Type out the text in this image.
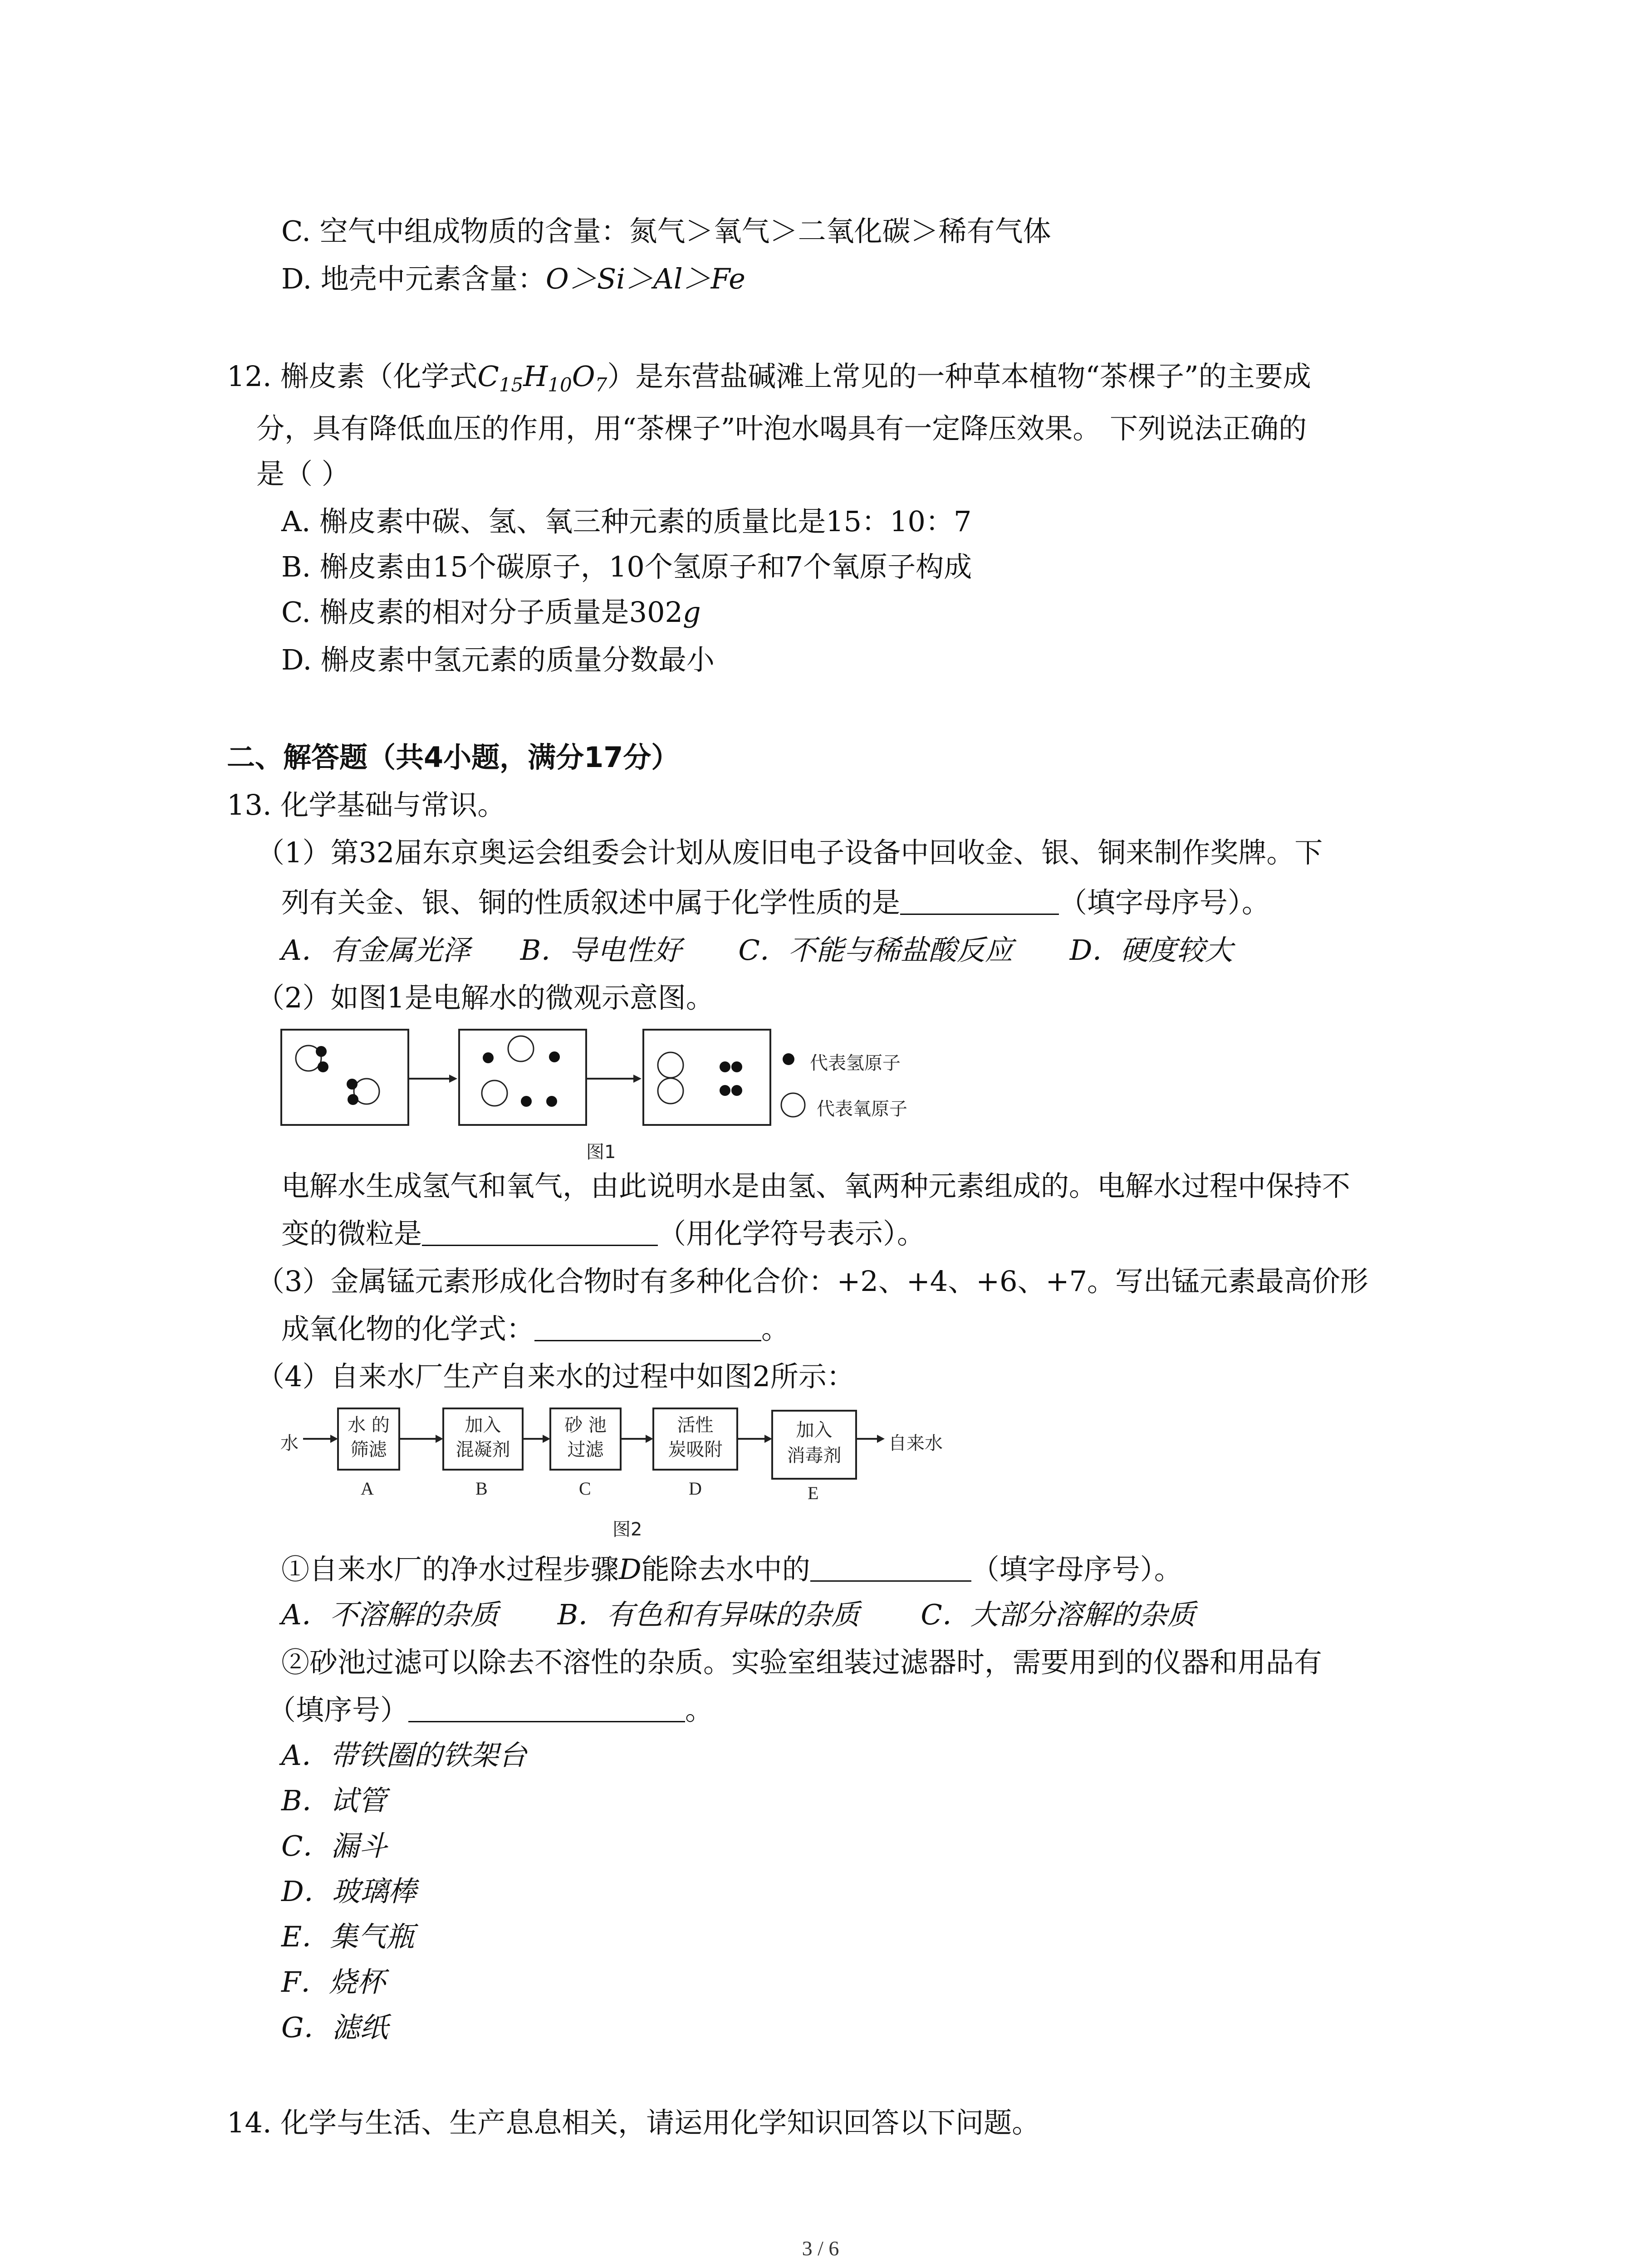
C. 空气中组成物质的含量：氮气＞氧气＞二氧化碳＞稀有气体
D. 地壳中元素含量：O＞Si＞Al＞Fe
12. 槲皮素（化学式$C_{15}H_{10}O_7$）是东营盐碱滩上常见的一种草本植物“茶棵子”的主要成
分，具有降低血压的作用，用“茶棵子”叶泡水喝具有一定降压效果。 下列说法正确的
是（ ）
A. 槲皮素中碳、氢、氧三种元素的质量比是15：10：7
B. 槲皮素由15个碳原子，10个氢原子和7个氧原子构成
C. 槲皮素的相对分子质量是302g
D. 槲皮素中氢元素的质量分数最小
二、解答题（共4小题，满分17分）
13. 化学基础与常识。
（1）第32届东京奥运会组委会计划从废旧电子设备中回收金、银、铜来制作奖牌。下
列有关金、银、铜的性质叙述中属于化学性质的是	（填字母序号）。
A．有金属光泽 B．导电性好 C．不能与稀盐酸反应 D．硬度较大
（2）如图1是电解水的微观示意图。
代表氢原子
代表氧原子
图1
电解水生成氢气和氧气，由此说明水是由氢、氧两种元素组成的。电解水过程中保持不
变的微粒是	（用化学符号表示）。
（3）金属锰元素形成化合物时有多种化合价：+2、+4、+6、+7。写出锰元素最高价形
成氧化物的化学式：	。
（4）自来水厂生产自来水的过程中如图2所示：
水	自来水
水 的
筛滤
加入
混凝剂
砂 池
过滤
活性
炭吸附
加入
消毒剂
A	B	C	D	E
图2
①自来水厂的净水过程步骤D能除去水中的	（填字母序号）。
A．不溶解的杂质 B．有色和有异味的杂质 C．大部分溶解的杂质
②砂池过滤可以除去不溶性的杂质。实验室组装过滤器时，需要用到的仪器和用品有
（填序号）	。
A．带铁圈的铁架台
B．试管
C．漏斗
D．玻璃棒
E．集气瓶
F．烧杯
G．滤纸
14. 化学与生活、生产息息相关，请运用化学知识回答以下问题。
3 / 6
